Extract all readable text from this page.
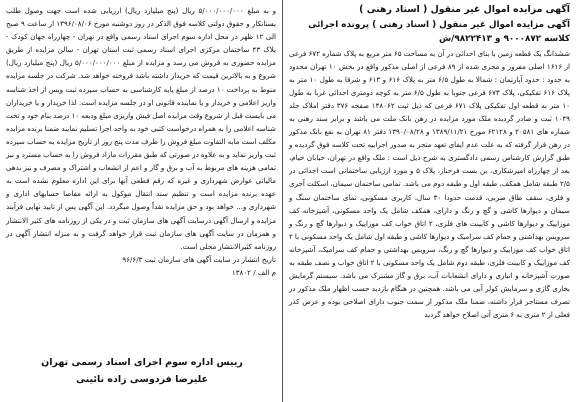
و به مبلغ ۵/۰۰۰/۰۰۰/۰۰۰ ریال (پنج میلیارد ریال) ارزیابی شده است جهت وصول طلب بستانکار و حقوق دولتی کلاسه فوق الذکر در روز دوشنبه مورخ ۱۳۹۶/۰۸/۰۶ از ساعت ۹ صبح الی ۱۲ ظهر در محل اداره سوم اجرای اسناد رسمی واقع در تهران - چهارراه جهان کودک - پلاک ۴۳ ساختمان مرکزی اجرای اسناد رسمی ثبت استان تهران - سالن مزایده از طریق مزایده حضوری به فروش می رسد و مزایده از مبلغ ۵/۰۰۰/۰۰۰/۰۰۰ ریال (پنج میلیارد ریال) شروع و به بالاترین قیمت که خریدار داشته باشد فروخته خواهد شد. شرکت در جلسه مزایده منوط به پرداخت ۱۰ درصد از مبلغ پایه کارشناسی به حساب سپرده ثبت ویس از اخذ شناسه واریز اعلامی و خریدار و یا نماینده قانونی او در جلسه مزایده است. لذا خریدار و یا خریداران می بایست قبل از شروع وقت مزایده اصل فیش واریزی مبلغ ودیعه ۱۰ درصد بنام خود و تحت شناسه اعلامی را به همراه درخواست کتبی خود به واحد اجرا تسلیم نمایند ضمنا برنده مزایده مکلف است مابه التفاوت مبلغ فروش را ظرف مدت پنج روز از تاریخ مزایده به حساب سپرده ثبت واریز نماید و به علاوه در صورتی که طبق مقررات مازاد فروش را به حساب مسترد و نیز تمامی هزینه های مربوط به آب و برق و گاز و اعم از انشعاب و اشتراک و مصرف و نیز بدهی مالیاتی عوارض شهرداری و غیره که رقم قطعی آنها برای این اداره معلوم نشده است به عهده برنده مزایده است و تنظیم سند انتقال موکول به ارائه مفاصا حسابهای اداری و شهرداری و... خواهد بود و حق مزایده نقداً وصول میگردد. این آگهی پس از تایید نهایی فرآیند مزایده و ارسال آگهی درسایت آگهی های سازمان ثبت و در یکی از روزنامه های کثیر الانتشار و همزمان در سایت آگهی های سازمان ثبت قرار خواهد گرفت و به منزله انتشار آگهی در روزنامه کثیرالانتشار محلی است.

تاریخ انتشار در سایت آگهی های سازمان ثبت ۹۶/۶/۳
م الف / ۱۳۸۰۲
آگهی مزایده اموال غیر منقول ( اسناد رهنی )
آگهی مزایده اموال غیر منقول ( اسناد رهنی ) پرونده اجرائی
کلاسه ۹۰۰۰۸۷۲ و ۹۸۲۲۴۱۳/ش

ششدانگ یک قطعه زمین با بنای احداثی در آن به مساحت ۶۵ متر مربع به پلاک شماره ۶۷۲ فرعی از ۱۶۱۶ اصلی مفروز و مجزی شده از ۸۹ فرعی از اصلی مذکور واقع در بخش ۱۰ تهران محدود به حدود : حدود آپارتمان : شمالا به طول ۶/۵ متر به پلاک ۶۱۶ و ۶۱۳ و شرقا به طول ۱۰ متر به پلاک ۶۱۶ تفکیکی، پلاک ۶۷۳ فرعی جنوبا به طول ۶/۵ متر به کوچه دومتری احداثی غربا به طول ۱۰ متر به قطعه اول تفکیکی پلاک ۶۷۱ فرعی که ذیل ثبت ۱۴۸۰۶۲ صفحه ۳۷۶ دفتر املاک جلد ۱۰۴۹ ثبت و صادر گردیده ملک مورد مزایده در رهن بانک ملت می باشد و برابر سند رهنی به شماره های ۲۰۵۸۱ و ۶۲۱۲۸ مورخ ۱۳۸۹/۱۱/۲۱ و ۱۳۹۰/۰۸/۲۸ دفتر ۸۱ تهران به نفع بانک مذکور در رهن قرار گرفته که به علت عدم ایفای تعهد منجر به صدور اجراییه تحت کلاسه فوق گردیده و طبق گزارش کارشناس رسمی دادگستری به شرح ذیل است : ملک واقع در تهران، خیابان خیام، بعد از چهارراه امیرشکاری، بن بست فرحناز، پلاک ۵ و مورد ارزیابی ساختمانی است احداثی در ۲/۵ طبقه شامل همکف، طبقه اول و طبقه دوم می باشد. تمامی ساختمان سیمان، اسکلت آجری و فلزی، سقف طاق ضربی، قدمت حدودا ۳۰ سال، کاربری مسکونی، نمای ساختمان سنگ و سیمان و دیوارها کاشی و گچ و رنگ و دارای، همکف شامل یک واحد مسکونی، آشپزخانه کف موزاییک و دیوارها کاشی و کابینت های فلزی، ۲ اتاق خواب کف موزاییک و دیوارها گچ و رنگ و سرویس بهداشتی و حمام کف سرامیک و دیوارها کاشی و طبقه اول شامل یک واحد مسکونی با ۲ اتاق خواب کف موزاییک و دیوارها گچ و رنگ، سرویس بهداشتی و حمام کف سرامیک، آشپزخانه کف موزاییک و کابینت فلزی، طبقه دوم شامل یک واحد مسکونی با ۲ اتاق خواب و نصف طبقه به صورت آشپزخانه و انباری و دارای انشعابات آب، برق و گاز مشترک می باشد. سیستم گرمایش بخاری گازی و سرمایش کولر آبی می باشد. همچنین در هنگام بازدید حسب اظهار ملک مذکور در تصرف مستاجر قرار داشته، ضمنا ملک مذکور از سمت جنوب دارای اصلاحی بوده و عرض کذر فعلی از ۲ متری به ۶ متری آتی اصلاح خواهد گردید

رییس اداره سوم اجرای اسناد رسمی تهران
علیرضا فردوسی زاده نائینی
